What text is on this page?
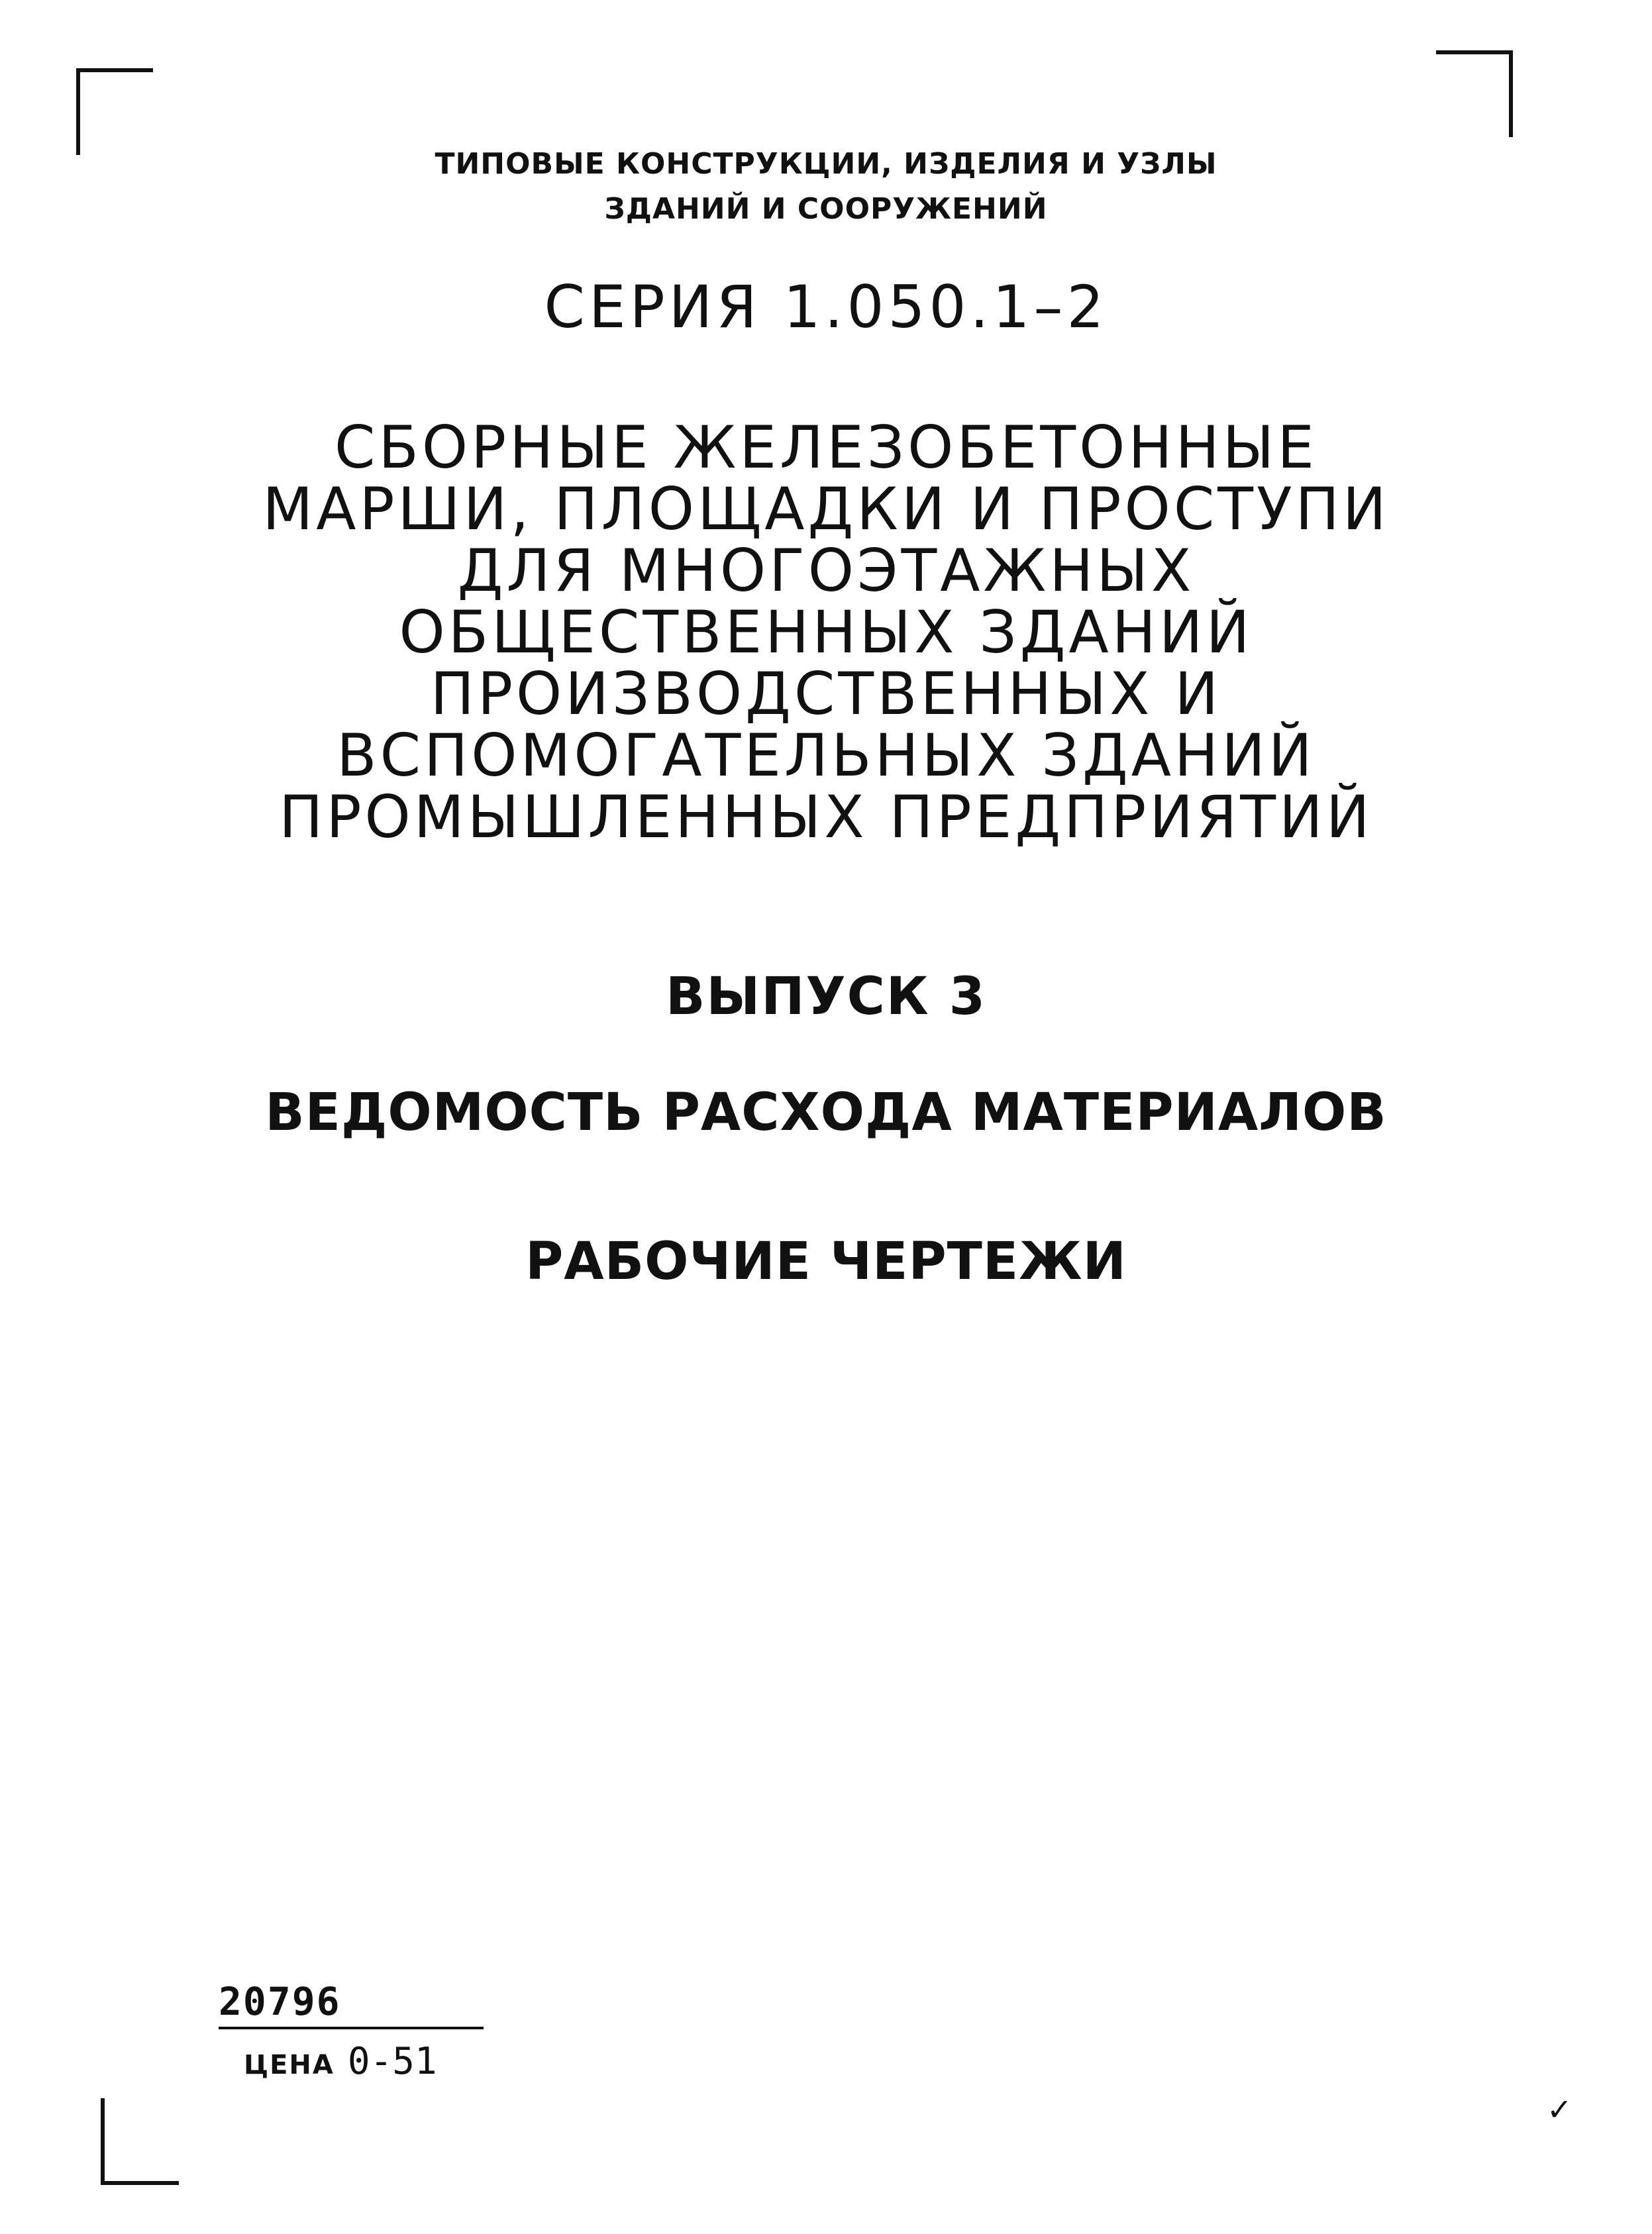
ТИПОВЫЕ КОНСТРУКЦИИ, ИЗДЕЛИЯ И УЗЛЫ

ЗДАНИЙ И СООРУЖЕНИЙ

СЕРИЯ 1.050.1–2

СБОРНЫЕ ЖЕЛЕЗОБЕТОННЫЕ

МАРШИ, ПЛОЩАДКИ И ПРОСТУПИ

ДЛЯ МНОГОЭТАЖНЫХ

ОБЩЕСТВЕННЫХ ЗДАНИЙ

ПРОИЗВОДСТВЕННЫХ И

ВСПОМОГАТЕЛЬНЫХ ЗДАНИЙ

ПРОМЫШЛЕННЫХ ПРЕДПРИЯТИЙ

ВЫПУСК 3

ВЕДОМОСТЬ РАСХОДА МАТЕРИАЛОВ

РАБОЧИЕ ЧЕРТЕЖИ

20796

ЦЕНА 0-51

✓
